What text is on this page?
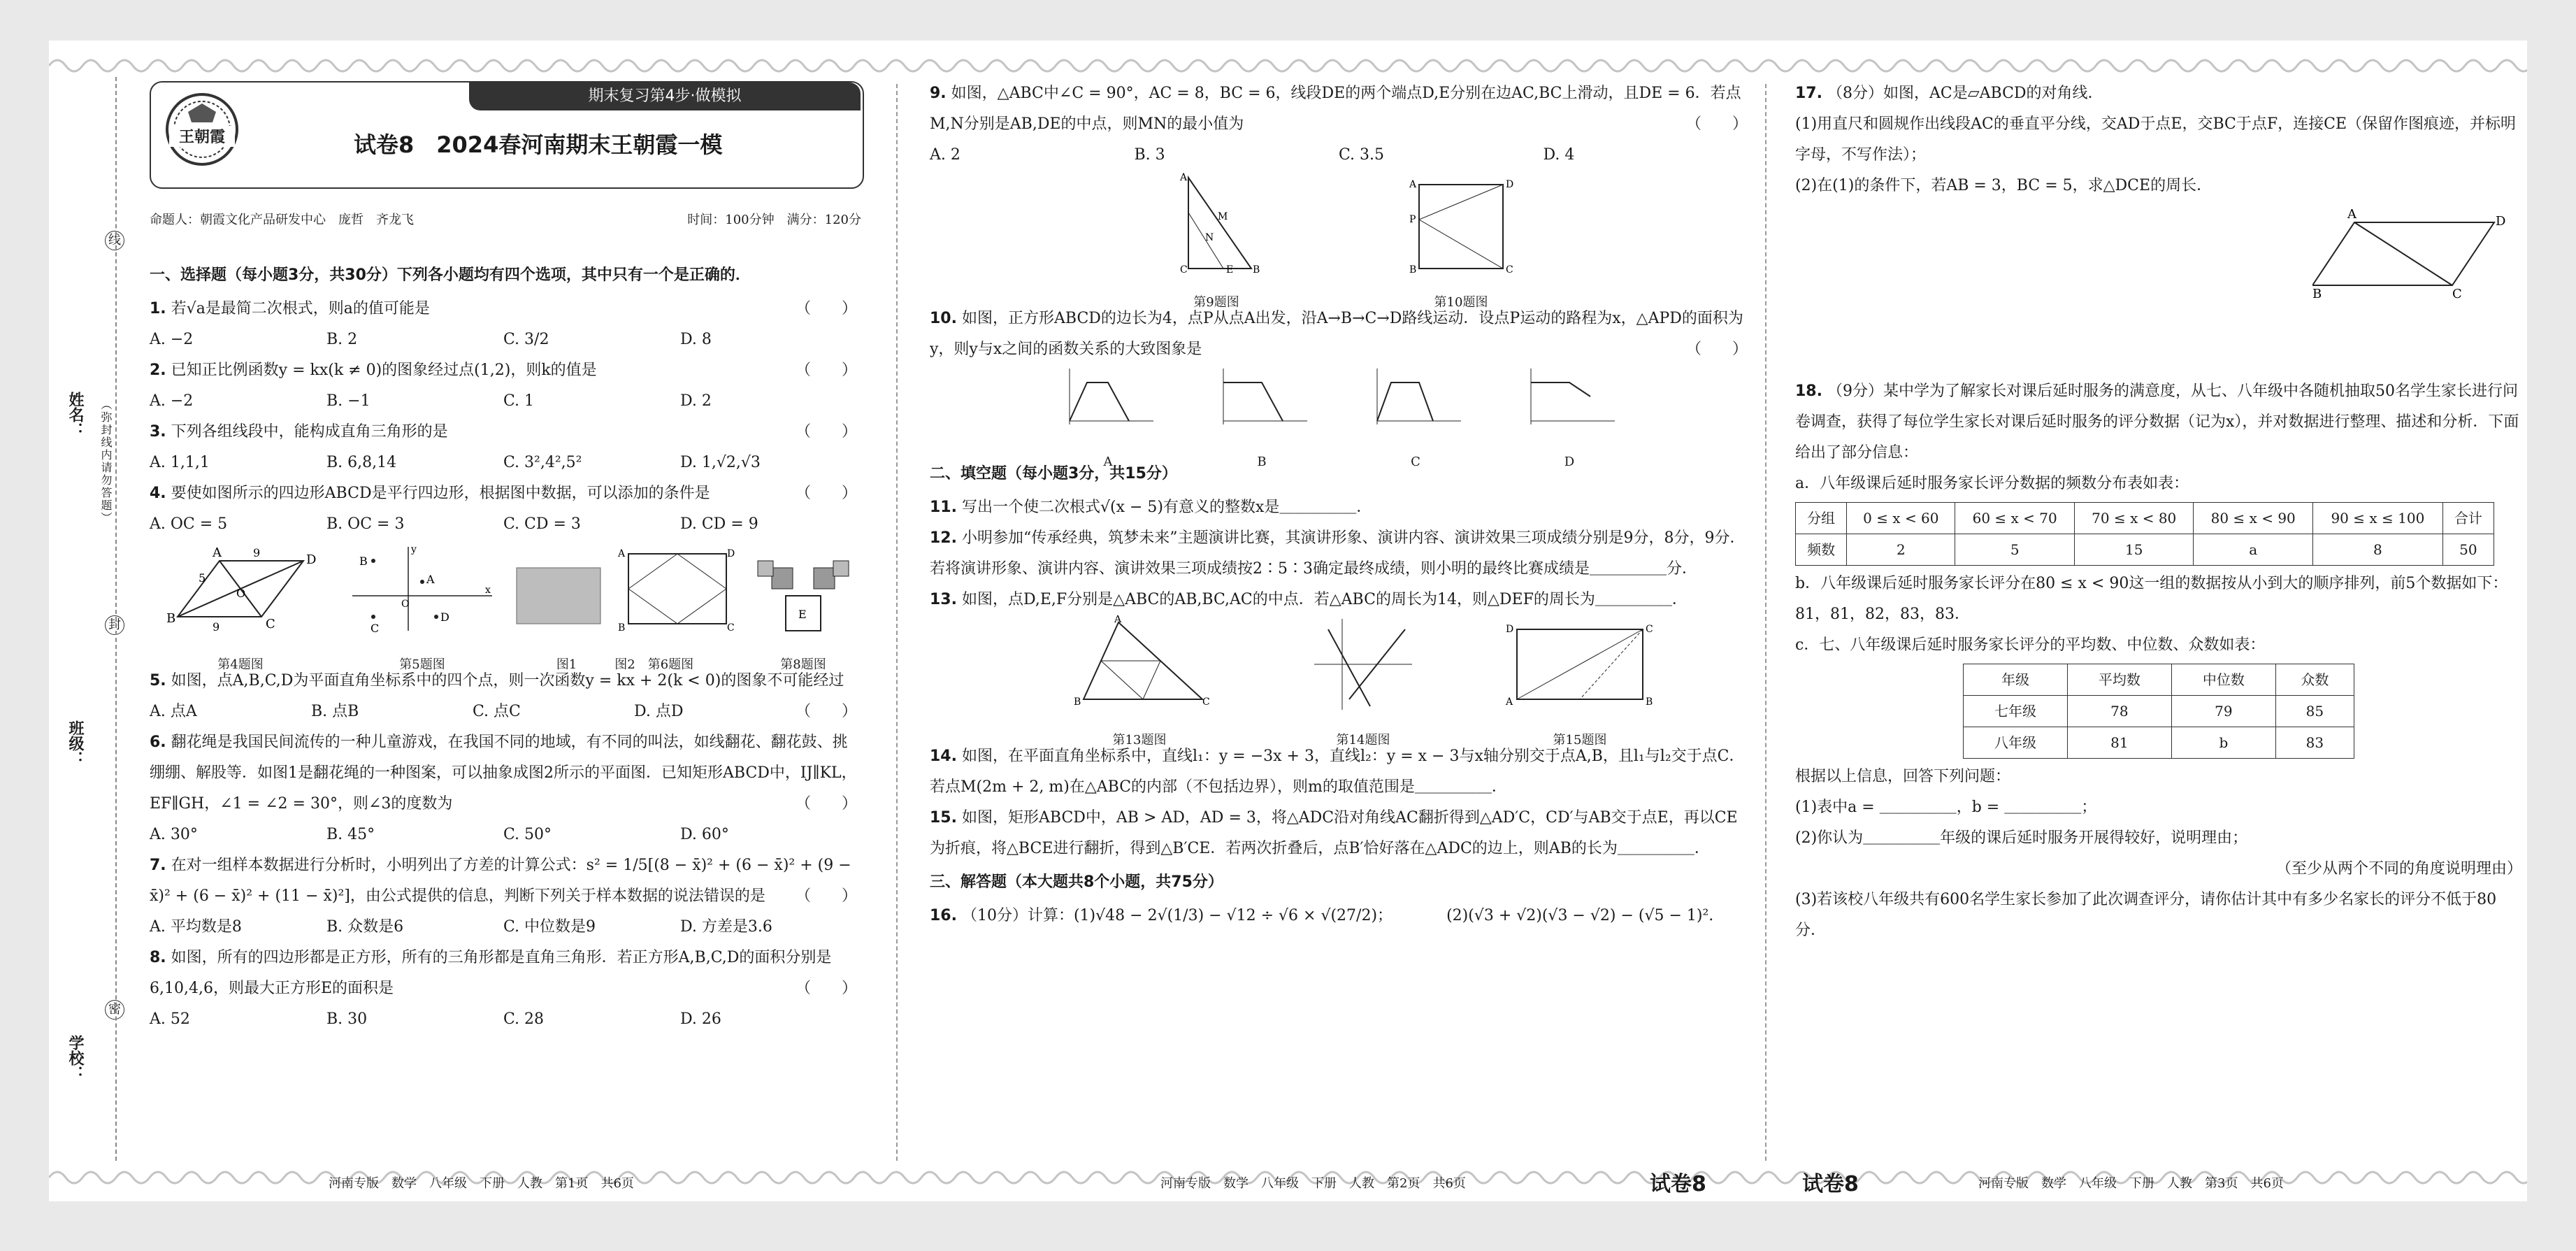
姓名：
班级：
学校：
（弥封线内请勿答题）
线
封
密
期末复习第4步·做模拟
王朝霞	试卷8　2024春河南期末王朝霞一模
命题人：朝霞文化产品研发中心　庞哲　齐龙飞	时间：100分钟　满分：120分
一、选择题（每小题3分，共30分）下列各小题均有四个选项，其中只有一个是正确的．
1. 若√a是最简二次根式，则a的值可能是	（　　）
A. −2	B. 2	C. 3/2	D. 8
2. 已知正比例函数y = kx(k ≠ 0)的图象经过点(1,2)，则k的值是	（　　）
A. −2	B. −1	C. 1	D. 2
3. 下列各组线段中，能构成直角三角形的是	（　　）
A. 1,1,1	B. 6,8,14	C. 3²,4²,5²	D. 1,√2,√3
4. 要使如图所示的四边形ABCD是平行四边形，根据图中数据，可以添加的条件是	（　　）
A. OC = 5	B. OC = 3	C. CD = 3	D. CD = 9
B
A	D
C
O
9
9
5
第4题图
B
A
C
D
y
x
O
第5题图
A	D
B	C
图1　　　	图2　 第6题图
E
第8题图
5. 如图，点A,B,C,D为平面直角坐标系中的四个点，则一次函数y = kx + 2(k < 0)的图象不可能经过
（　　）
A. 点A	B. 点B	C. 点C	D. 点D
6. 翻花绳是我国民间流传的一种儿童游戏，在我国不同的地域，有不同的叫法，如线翻花、翻花鼓、挑绷绷、解股等．如图1是翻花绳的一种图案，可以抽象成图2所示的平面图．已知矩形ABCD中，IJ∥KL，EF∥GH，∠1 = ∠2 = 30°，则∠3的度数为	（　　）
A. 30°	B. 45°	C. 50°	D. 60°
7. 在对一组样本数据进行分析时，小明列出了方差的计算公式：s² = 1/5[(8 − x̄)² + (6 − x̄)² + (9 − x̄)² + (6 − x̄)² + (11 − x̄)²]，由公式提供的信息，判断下列关于样本数据的说法错误的是 （　　）
A. 平均数是8	B. 众数是6	C. 中位数是9	D. 方差是3.6
8. 如图，所有的四边形都是正方形，所有的三角形都是直角三角形．若正方形A,B,C,D的面积分别是6,10,4,6，则最大正方形E的面积是	（　　）
A. 52	B. 30	C. 28	D. 26
9. 如图，△ABC中∠C = 90°，AC = 8，BC = 6，线段DE的两个端点D,E分别在边AC,BC上滑动，且DE = 6．若点M,N分别是AB,DE的中点，则MN的最小值为	（　　）
A. 2	B. 3	C. 3.5	D. 4
A
C	B
E
M
N
第9题图
A	D
B	C
P
第10题图
10. 如图，正方形ABCD的边长为4，点P从点A出发，沿A→B→C→D路线运动．设点P运动的路程为x，△APD的面积为y，则y与x之间的函数关系的大致图象是	（　　）
A	B	C	D
二、填空题（每小题3分，共15分）
11. 写出一个使二次根式√(x − 5)有意义的整数x是＿＿＿＿＿．
12. 小明参加“传承经典，筑梦未来”主题演讲比赛，其演讲形象、演讲内容、演讲效果三项成绩分别是9分，8分，9分．若将演讲形象、演讲内容、演讲效果三项成绩按2∶5∶3确定最终成绩，则小明的最终比赛成绩是＿＿＿＿＿分．
13. 如图，点D,E,F分别是△ABC的AB,BC,AC的中点．若△ABC的周长为14，则△DEF的周长为＿＿＿＿＿．
A
B	C
第13题图	第14题图
D	C
A	B
第15题图
14. 如图，在平面直角坐标系中，直线l₁：y = −3x + 3，直线l₂：y = x − 3与x轴分别交于点A,B，且l₁与l₂交于点C．若点M(2m + 2, m)在△ABC的内部（不包括边界），则m的取值范围是＿＿＿＿＿．
15. 如图，矩形ABCD中，AB > AD，AD = 3，将△ADC沿对角线AC翻折得到△AD′C，CD′与AB交于点E，再以CE为折痕，将△BCE进行翻折，得到△B′CE．若两次折叠后，点B′恰好落在△ADC的边上，则AB的长为＿＿＿＿＿．
三、解答题（本大题共8个小题，共75分）
16. （10分）计算：(1)√48 − 2√(1/3) − √12 ÷ √6 × √(27/2)；　　　　	(2)(√3 + √2)(√3 − √2) − (√5 − 1)².
17. （8分）如图，AC是▱ABCD的对角线．
(1)用直尺和圆规作出线段AC的垂直平分线，交AD于点E，交BC于点F，连接CE（保留作图痕迹，并标明字母，不写作法）；
(2)在(1)的条件下，若AB = 3，BC = 5，求△DCE的周长．
A	D
B	C
18. （9分）某中学为了解家长对课后延时服务的满意度，从七、八年级中各随机抽取50名学生家长进行问卷调查，获得了每位学生家长对课后延时服务的评分数据（记为x），并对数据进行整理、描述和分析．下面给出了部分信息：
a．八年级课后延时服务家长评分数据的频数分布表如表：
分组	0 ≤ x < 60	60 ≤ x < 70	70 ≤ x < 80	80 ≤ x < 90	90 ≤ x ≤ 100	合计
频数	2	5	15	a	8	50
b．八年级课后延时服务家长评分在80 ≤ x < 90这一组的数据按从小到大的顺序排列，前5个数据如下：81，81，82，83，83．
c．七、八年级课后延时服务家长评分的平均数、中位数、众数如表：
年级	平均数	中位数	众数
七年级	78	79	85
八年级	81	b	83
根据以上信息，回答下列问题：
(1)表中a = ＿＿＿＿＿，b = ＿＿＿＿＿；
(2)你认为＿＿＿＿＿年级的课后延时服务开展得较好，说明理由；
（至少从两个不同的角度说明理由）
(3)若该校八年级共有600名学生家长参加了此次调查评分，请你估计其中有多少名家长的评分不低于80分．
河南专版　数学　八年级　下册　人教　第1页　共6页	河南专版　数学　八年级　下册　人教　第2页　共6页	试卷8	试卷8	河南专版　数学　八年级　下册　人教　第3页　共6页
